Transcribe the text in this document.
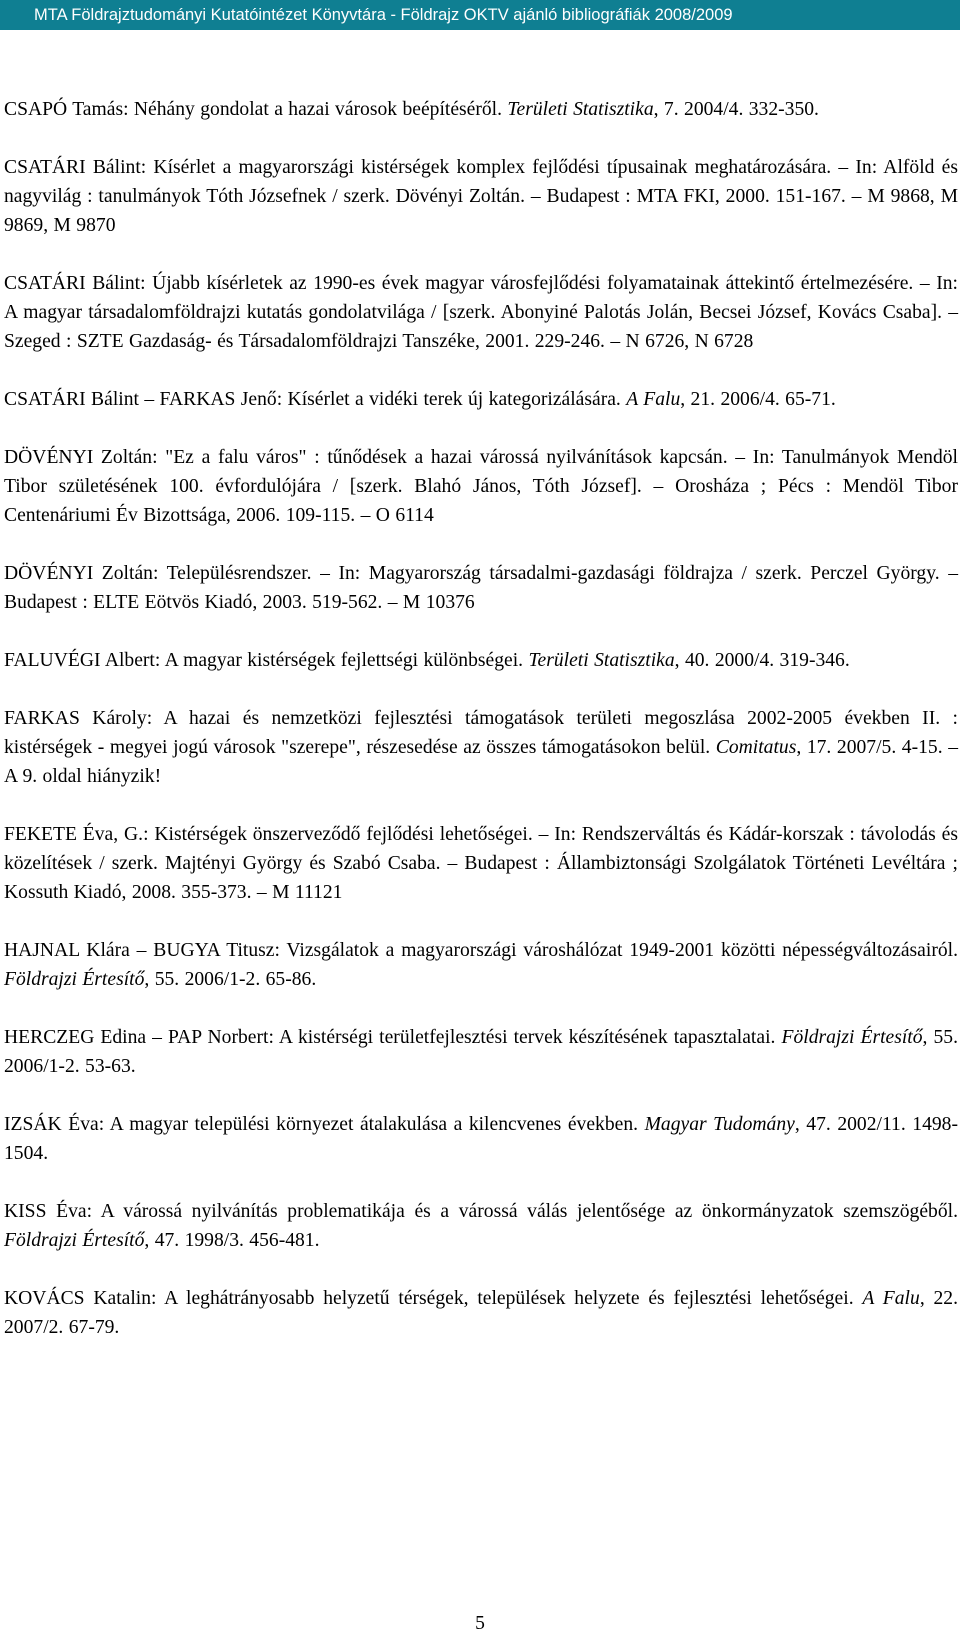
MTA Földrajztudományi Kutatóintézet Könyvtára - Földrajz OKTV ajánló bibliográfiák 2008/2009

CSAPÓ Tamás: Néhány gondolat a hazai városok beépítéséről. Területi Statisztika, 7. 2004/4. 332-350.

CSATÁRI Bálint: Kísérlet a magyarországi kistérségek komplex fejlődési típusainak meghatározására. – In: Alföld és nagyvilág : tanulmányok Tóth Józsefnek / szerk. Dövényi Zoltán. – Budapest : MTA FKI, 2000. 151-167. – M 9868, M 9869, M 9870

CSATÁRI Bálint: Újabb kísérletek az 1990-es évek magyar városfejlődési folyamatainak áttekintő értelmezésére. – In: A magyar társadalomföldrajzi kutatás gondolatvilága / [szerk. Abonyiné Palotás Jolán, Becsei József, Kovács Csaba]. – Szeged : SZTE Gazdaság- és Társadalomföldrajzi Tanszéke, 2001. 229-246. – N 6726, N 6728

CSATÁRI Bálint – FARKAS Jenő: Kísérlet a vidéki terek új kategorizálására. A Falu, 21. 2006/4. 65-71.

DÖVÉNYI Zoltán: "Ez a falu város" : tűnődések a hazai várossá nyilvánítások kapcsán. – In: Tanulmányok Mendöl Tibor születésének 100. évfordulójára / [szerk. Blahó János, Tóth József]. – Orosháza ; Pécs : Mendöl Tibor Centenáriumi Év Bizottsága, 2006. 109-115. – O 6114

DÖVÉNYI Zoltán: Településrendszer. – In: Magyarország társadalmi-gazdasági földrajza / szerk. Perczel György. – Budapest : ELTE Eötvös Kiadó, 2003. 519-562. – M 10376

FALUVÉGI Albert: A magyar kistérségek fejlettségi különbségei. Területi Statisztika, 40. 2000/4. 319-346.

FARKAS Károly: A hazai és nemzetközi fejlesztési támogatások területi megoszlása 2002-2005 években II. : kistérségek - megyei jogú városok "szerepe", részesedése az összes támogatásokon belül. Comitatus, 17. 2007/5. 4-15. – A 9. oldal hiányzik!

FEKETE Éva, G.: Kistérségek önszerveződő fejlődési lehetőségei. – In: Rendszerváltás és Kádár-korszak : távolodás és közelítések / szerk. Majtényi György és Szabó Csaba. – Budapest : Állambiztonsági Szolgálatok Történeti Levéltára ; Kossuth Kiadó, 2008. 355-373. – M 11121

HAJNAL Klára – BUGYA Titusz: Vizsgálatok a magyarországi városhálózat 1949-2001 közötti népességváltozásairól. Földrajzi Értesítő, 55. 2006/1-2. 65-86.

HERCZEG Edina – PAP Norbert: A kistérségi területfejlesztési tervek készítésének tapasztalatai. Földrajzi Értesítő, 55. 2006/1-2. 53-63.

IZSÁK Éva: A magyar települési környezet átalakulása a kilencvenes években. Magyar Tudomány, 47. 2002/11. 1498-1504.

KISS Éva: A várossá nyilvánítás problematikája és a várossá válás jelentősége az önkormányzatok szemszögéből. Földrajzi Értesítő, 47. 1998/3. 456-481.

KOVÁCS Katalin: A leghátrányosabb helyzetű térségek, települések helyzete és fejlesztési lehetőségei. A Falu, 22. 2007/2. 67-79.

5
